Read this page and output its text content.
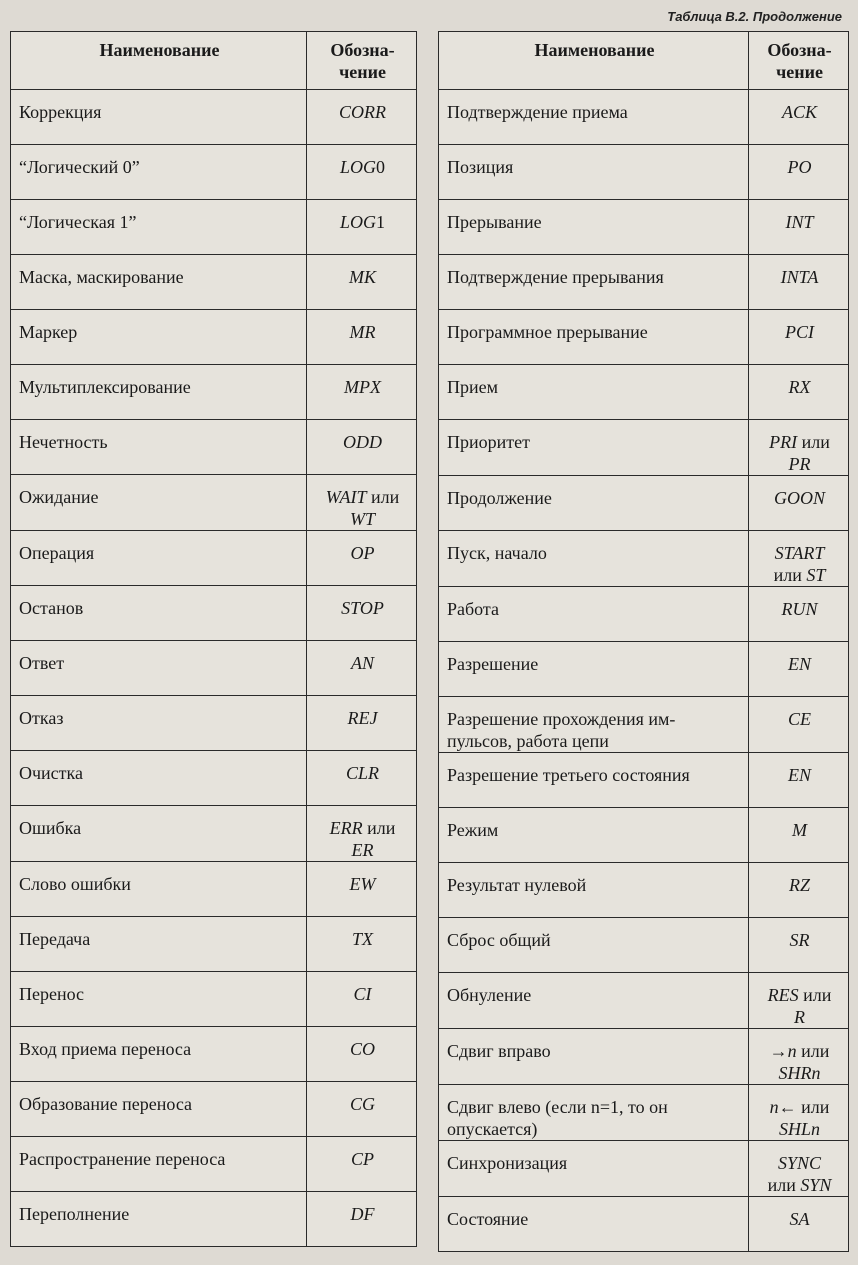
Таблица В.2. Продолжение
Наименование	Обозна-
чение
Коррекция	CORR
“Логический 0”	LOG0
“Логическая 1”	LOG1
Маска, маскирование	MK
Маркер	MR
Мультиплексирование	MPX
Нечетность	ODD
Ожидание	WAIT или
WT
Операция	OP
Останов	STOP
Ответ	AN
Отказ	REJ
Очистка	CLR
Ошибка	ERR или
ER
Слово ошибки	EW
Передача	TX
Перенос	CI
Вход приема переноса	CO
Образование переноса	CG
Распространение переноса	CP
Переполнение	DF
Наименование	Обозна-
чение
Подтверждение приема	ACK
Позиция	PO
Прерывание	INT
Подтверждение прерывания	INTA
Программное прерывание	PCI
Прием	RX
Приоритет	PRI или
PR
Продолжение	GOON
Пуск, начало	START
или ST
Работа	RUN
Разрешение	EN
Разрешение прохождения им-
пульсов, работа цепи	CE
Разрешение третьего состояния	EN
Режим	M
Результат нулевой	RZ
Сброс общий	SR
Обнуление	RES или
R
Сдвиг вправо	→n или
SHRn
Сдвиг влево (если n=1, то он
опускается)	n← или
SHLn
Синхронизация	SYNC
или SYN
Состояние	SA
